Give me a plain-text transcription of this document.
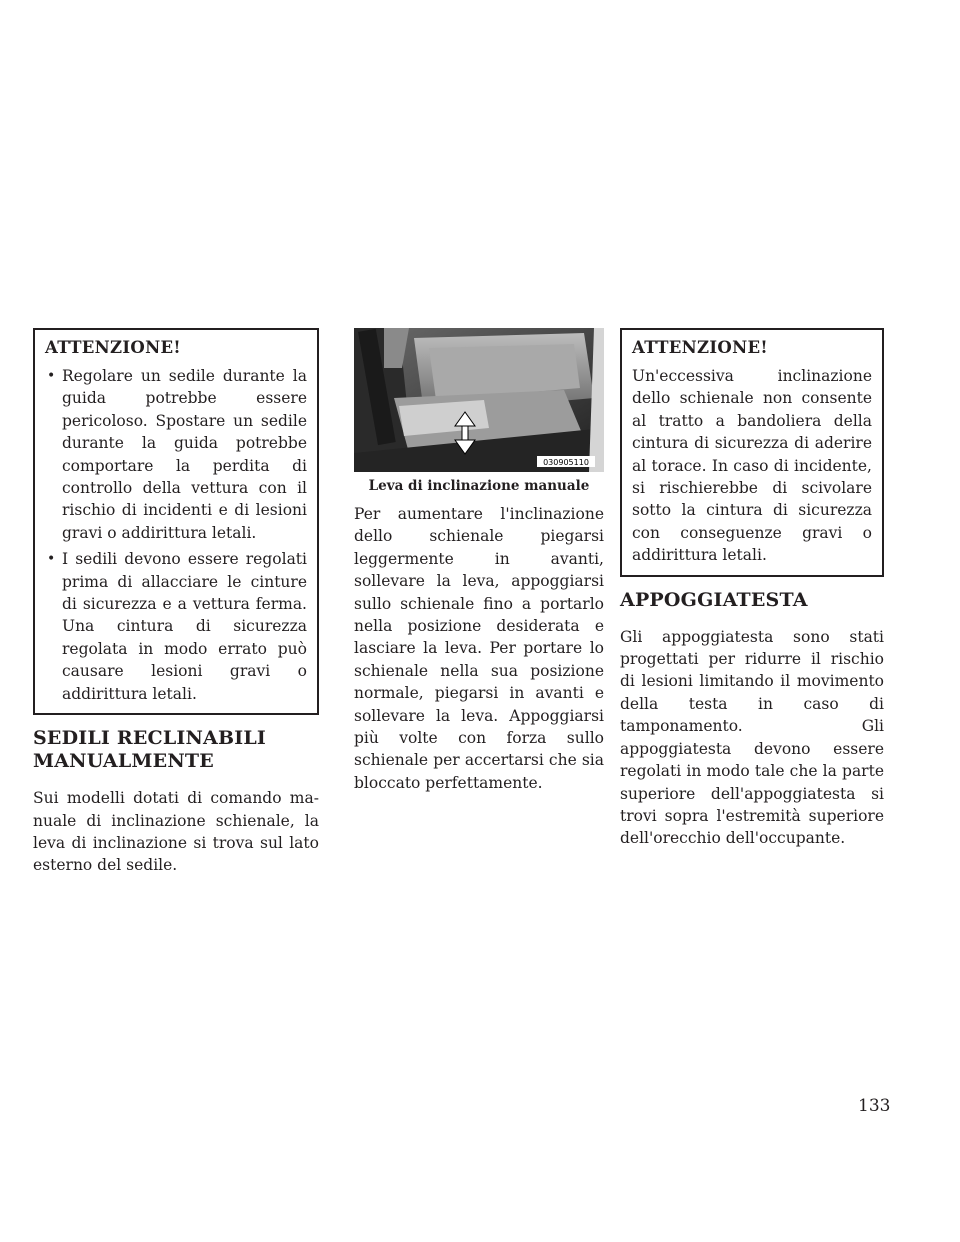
ATTENZIONE!
• Regolare un sedile durante la guida potrebbe essere pericoloso. Spostare un sedile durante la guida potrebbe comportare la perdita di controllo della vettura con il rischio di incidenti e di lesioni gravi o addirittura letali.
• I sedili devono essere regolati prima di allacciare le cinture di sicurezza e a vettura ferma. Una cintura di sicurezza regolata in modo errato può causare lesioni gravi o addirittura letali.
SEDILI RECLINABILI MANUALMENTE

Sui modelli dotati di comando manuale di inclinazione schienale, la leva di inclinazione si trova sul lato esterno del sedile.

030905110
Leva di inclinazione manuale

Per aumentare l'inclinazione dello schienale piegarsi leggermente in avanti, sollevare la leva, appoggiarsi sullo schienale fino a portarlo nella posizione desiderata e lasciare la leva. Per portare lo schienale nella sua posizione normale, piegarsi in avanti e sollevare la leva. Appoggiarsi più volte con forza sullo schienale per accertarsi che sia bloccato perfettamente.

ATTENZIONE!

Un'eccessiva inclinazione dello schienale non consente al tratto a bandoliera della cintura di sicurezza di aderire al torace. In caso di incidente, si rischierebbe di scivolare sotto la cintura di sicurezza con conseguenze gravi o addirittura letali.

APPOGGIATESTA

Gli appoggiatesta sono stati progettati per ridurre il rischio di lesioni limitando il movimento della testa in caso di tamponamento. Gli appoggiatesta devono essere regolati in modo tale che la parte superiore dell'appoggiatesta si trovi sopra l'estremità superiore dell'orecchio dell'occupante.

133
